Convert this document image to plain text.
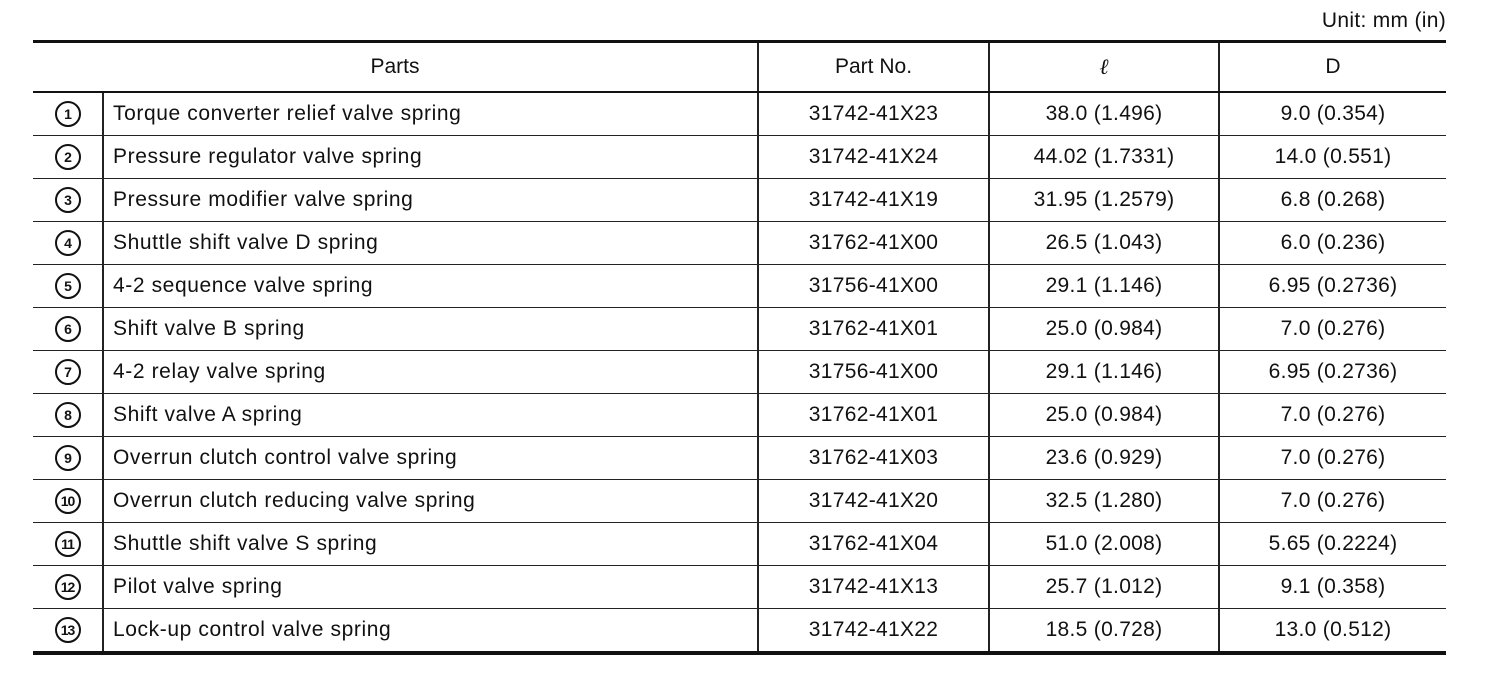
Unit: mm (in)
Parts		Part No.	ℓ	D
1	Torque converter relief valve spring	31742-41X23	38.0 (1.496)	9.0 (0.354)
2	Pressure regulator valve spring	31742-41X24	44.02 (1.7331)	14.0 (0.551)
3	Pressure modifier valve spring	31742-41X19	31.95 (1.2579)	6.8 (0.268)
4	Shuttle shift valve D spring	31762-41X00	26.5 (1.043)	6.0 (0.236)
5	4-2 sequence valve spring	31756-41X00	29.1 (1.146)	6.95 (0.2736)
6	Shift valve B spring	31762-41X01	25.0 (0.984)	7.0 (0.276)
7	4-2 relay valve spring	31756-41X00	29.1 (1.146)	6.95 (0.2736)
8	Shift valve A spring	31762-41X01	25.0 (0.984)	7.0 (0.276)
9	Overrun clutch control valve spring	31762-41X03	23.6 (0.929)	7.0 (0.276)
10	Overrun clutch reducing valve spring	31742-41X20	32.5 (1.280)	7.0 (0.276)
11	Shuttle shift valve S spring	31762-41X04	51.0 (2.008)	5.65 (0.2224)
12	Pilot valve spring	31742-41X13	25.7 (1.012)	9.1 (0.358)
13	Lock-up control valve spring	31742-41X22	18.5 (0.728)	13.0 (0.512)
